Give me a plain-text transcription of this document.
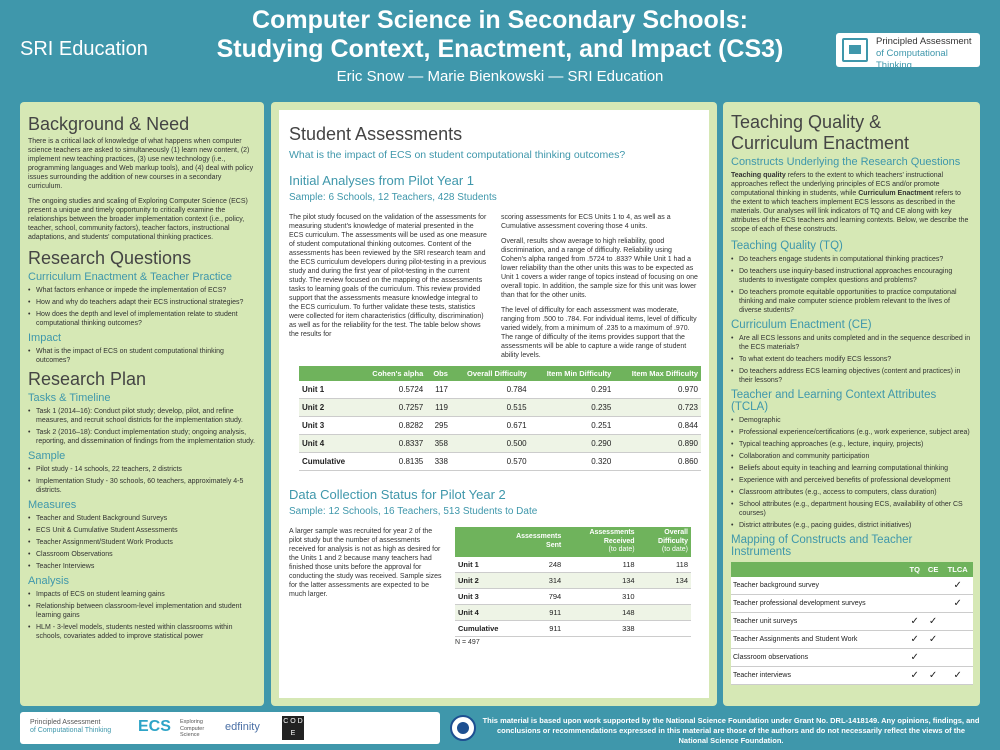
SRI Education
Computer Science in Secondary Schools:
Studying Context, Enactment, and Impact (CS3)
Eric Snow — Marie Bienkowski — SRI Education
Principled Assessment
of Computational Thinking
Background & Need

There is a critical lack of knowledge of what happens when computer science teachers are asked to simultaneously (1) learn new content, (2) implement new teaching practices, (3) use new technology (i.e., programming languages and Web markup tools), and (4) deal with policy issues surrounding the addition of new courses in a secondary curriculum.

The ongoing studies and scaling of Exploring Computer Science (ECS) present a unique and timely opportunity to critically examine the relationships between the broader implementation context (i.e., policy, teacher, school, community factors), teacher factors, instructional adaptations, and students' computational thinking practices.

Research Questions
Curriculum Enactment & Teacher Practice
• What factors enhance or impede the implementation of ECS?
• How and why do teachers adapt their ECS instructional strategies?
• How does the depth and level of implementation relate to student computational thinking outcomes?
Impact
• What is the impact of ECS on student computational thinking outcomes?
Research Plan
Tasks & Timeline
• Task 1 (2014–16): Conduct pilot study; develop, pilot, and refine measures, and recruit school districts for the implementation study.
• Task 2 (2016–18): Conduct implementation study; ongoing analysis, reporting, and dissemination of findings from the implementation study.
Sample
• Pilot study - 14 schools, 22 teachers, 2 districts
• Implementation Study - 30 schools, 60 teachers, approximately 4-5 districts.
Measures
• Teacher and Student Background Surveys
• ECS Unit & Cumulative Student Assessments
• Teacher Assignment/Student Work Products
• Classroom Observations
• Teacher Interviews
Analysis
• Impacts of ECS on student learning gains
• Relationship between classroom-level implementation and student learning gains
• HLM - 3-level models, students nested within classrooms within schools, covariates added to improve statistical power
Student Assessments
What is the impact of ECS on student computational thinking outcomes?
Initial Analyses from Pilot Year 1
Sample: 6 Schools, 12 Teachers, 428 Students

The pilot study focused on the validation of the assessments for measuring student's knowledge of material presented in the ECS curriculum. The assessments will be used as one measure of student computational thinking outcomes. Content of the assessments has been reviewed by the SRI research team and the ECS curriculum developers during pilot-testing in a previous study and during the first year of pilot-testing in the current study. The review focused on the mapping of the assessments tasks to learning goals of the curriculum. This review provided support that the assessments measure knowledge integral to the ECS curriculum. To further validate these tests, statistics were collected for item characteristics (difficulty, discrimination) as well as for the reliability for the test. The table below shows the results for

scoring assessments for ECS Units 1 to 4, as well as a Cumulative assessment covering those 4 units.

Overall, results show average to high reliability, good discrimination, and a range of difficulty. Reliability using Cohen's alpha ranged from .5724 to .833? While Unit 1 had a lower reliability than the other units this was to be expected as Unit 1 covers a wider range of topics instead of focusing on one overall topic. In addition, the sample size for this unit was lower than that for the other units.

The level of difficulty for each assessment was moderate, ranging from .500 to .784. For individual items, level of difficulty varied widely, from a minimum of .235 to a maximum of .970. The range of difficulty of the items provides support that the assessments will be able to capture a wide range of student ability levels.

	Cohen's alpha	Obs	Overall Difficulty	Item Min Difficulty	Item Max Difficulty
Unit 1	0.5724	117	0.784	0.291	0.970
Unit 2	0.7257	119	0.515	0.235	0.723
Unit 3	0.8282	295	0.671	0.251	0.844
Unit 4	0.8337	358	0.500	0.290	0.890
Cumulative	0.8135	338	0.570	0.320	0.860
Data Collection Status for Pilot Year 2
Sample: 12 Schools, 16 Teachers, 513 Students to Date
A larger sample was recruited for year 2 of the pilot study but the number of assessments received for analysis is not as high as desired for the Units 1 and 2 because many teachers had finished those units before the approval for conducting the study was received. Sample sizes for the latter assessments are expected to be much larger.
	Assessments Sent	Assessments Received
(to date)	Overall Difficulty
(to date)
Unit 1	248	118	118
Unit 2	314	134	134
Unit 3	794	310	
Unit 4	911	148	
Cumulative	911	338	
N = 497
Teaching Quality & Curriculum Enactment
Constructs Underlying the Research Questions

Teaching quality refers to the extent to which teachers' instructional approaches reflect the underlying principles of ECS and/or promote computational thinking in students, while Curriculum Enactment refers to the extent to which teachers implement ECS lessons as described in the materials. Our analyses will link indicators of TQ and CE along with key attributes of the ECS teachers and learning contexts. Below, we describe the scope of each of these constructs.

Teaching Quality (TQ)
• Do teachers engage students in computational thinking practices?
• Do teachers use inquiry-based instructional approaches encouraging students to investigate complex questions and problems?
• Do teachers promote equitable opportunities to practice computational thinking and make computer science problem relevant to the lives of diverse students?
Curriculum Enactment (CE)
• Are all ECS lessons and units completed and in the sequence described in the ECS materials?
• To what extent do teachers modify ECS lessons?
• Do teachers address ECS learning objectives (content and practices) in their lessons?
Teacher and Learning Context Attributes (TCLA)
• Demographic
• Professional experience/certifications (e.g., work experience, subject area)
• Typical teaching approaches (e.g., lecture, inquiry, projects)
• Collaboration and community participation
• Beliefs about equity in teaching and learning computational thinking
• Experience with and perceived benefits of professional development
• Classroom attributes (e.g., access to computers, class duration)
• School attributes (e.g., department housing ECS, availability of other CS courses)
• District attributes (e.g., pacing guides, district initiatives)
Mapping of Constructs and Teacher Instruments
	TQ	CE	TLCA
Teacher background survey			✓
Teacher professional development surveys			✓
Teacher unit surveys	✓	✓	
Teacher Assignments and Student Work	✓	✓	
Classroom observations	✓		
Teacher interviews	✓	✓	✓
Principled Assessment
of Computational Thinking ECS Exploring Computer Science
edfinity	C O D E
This material is based upon work supported by the National Science Foundation under Grant No. DRL-1418149. Any opinions, findings, and conclusions or recommendations expressed in this material are those of the authors and do not necessarily reflect the views of the National Science Foundation.
